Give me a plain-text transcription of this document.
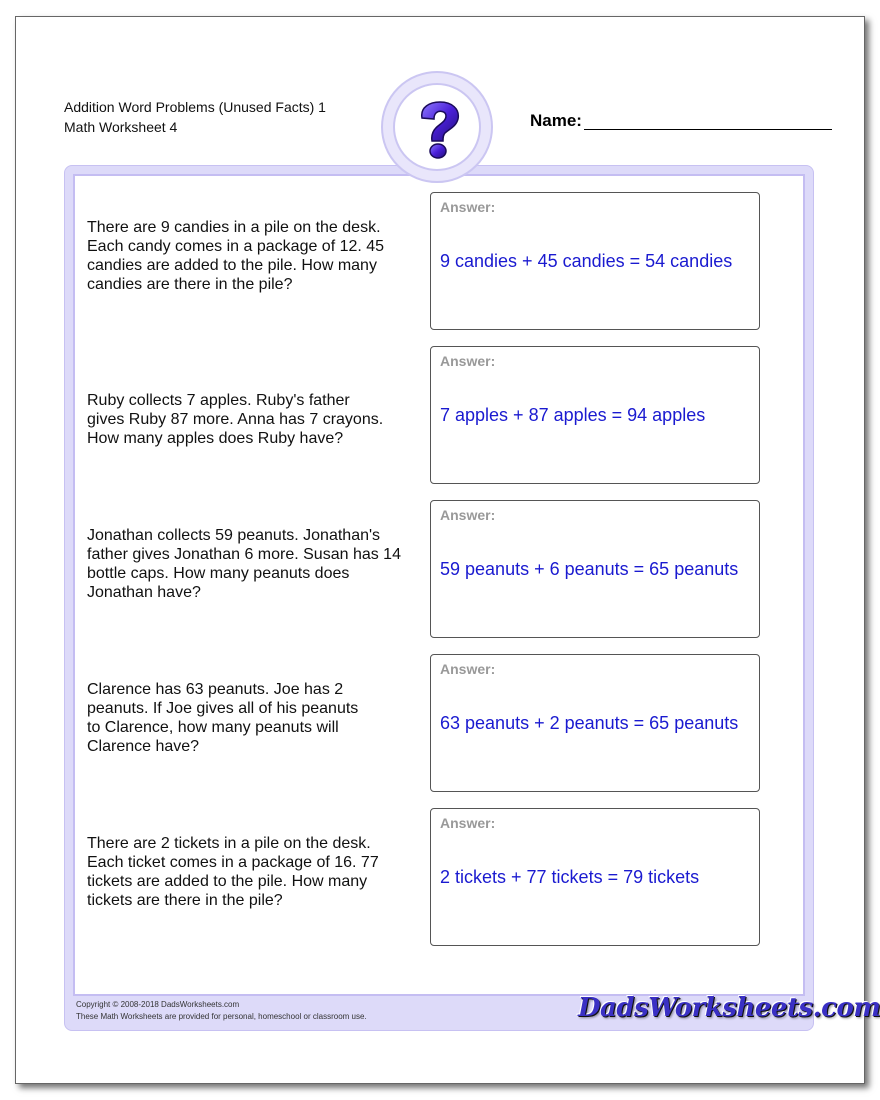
Addition Word Problems (Unused Facts) 1
Math Worksheet 4	Name:
There are 9 candies in a pile on the desk.
Each candy comes in a package of 12. 45
candies are added to the pile. How many
candies are there in the pile?
Answer:
9 candies + 45 candies = 54 candies
Ruby collects 7 apples. Ruby's father
gives Ruby 87 more. Anna has 7 crayons.
How many apples does Ruby have?
Answer:
7 apples + 87 apples = 94 apples
Jonathan collects 59 peanuts. Jonathan's
father gives Jonathan 6 more. Susan has 14
bottle caps. How many peanuts does
Jonathan have?
Answer:
59 peanuts + 6 peanuts = 65 peanuts
Clarence has 63 peanuts. Joe has 2
peanuts. If Joe gives all of his peanuts
to Clarence, how many peanuts will
Clarence have?
Answer:
63 peanuts + 2 peanuts = 65 peanuts
There are 2 tickets in a pile on the desk.
Each ticket comes in a package of 16. 77
tickets are added to the pile. How many
tickets are there in the pile?
Answer:
2 tickets + 77 tickets = 79 tickets
Copyright © 2008-2018 DadsWorksheets.com
These Math Worksheets are provided for personal, homeschool or classroom use.	DadsWorksheets.com
